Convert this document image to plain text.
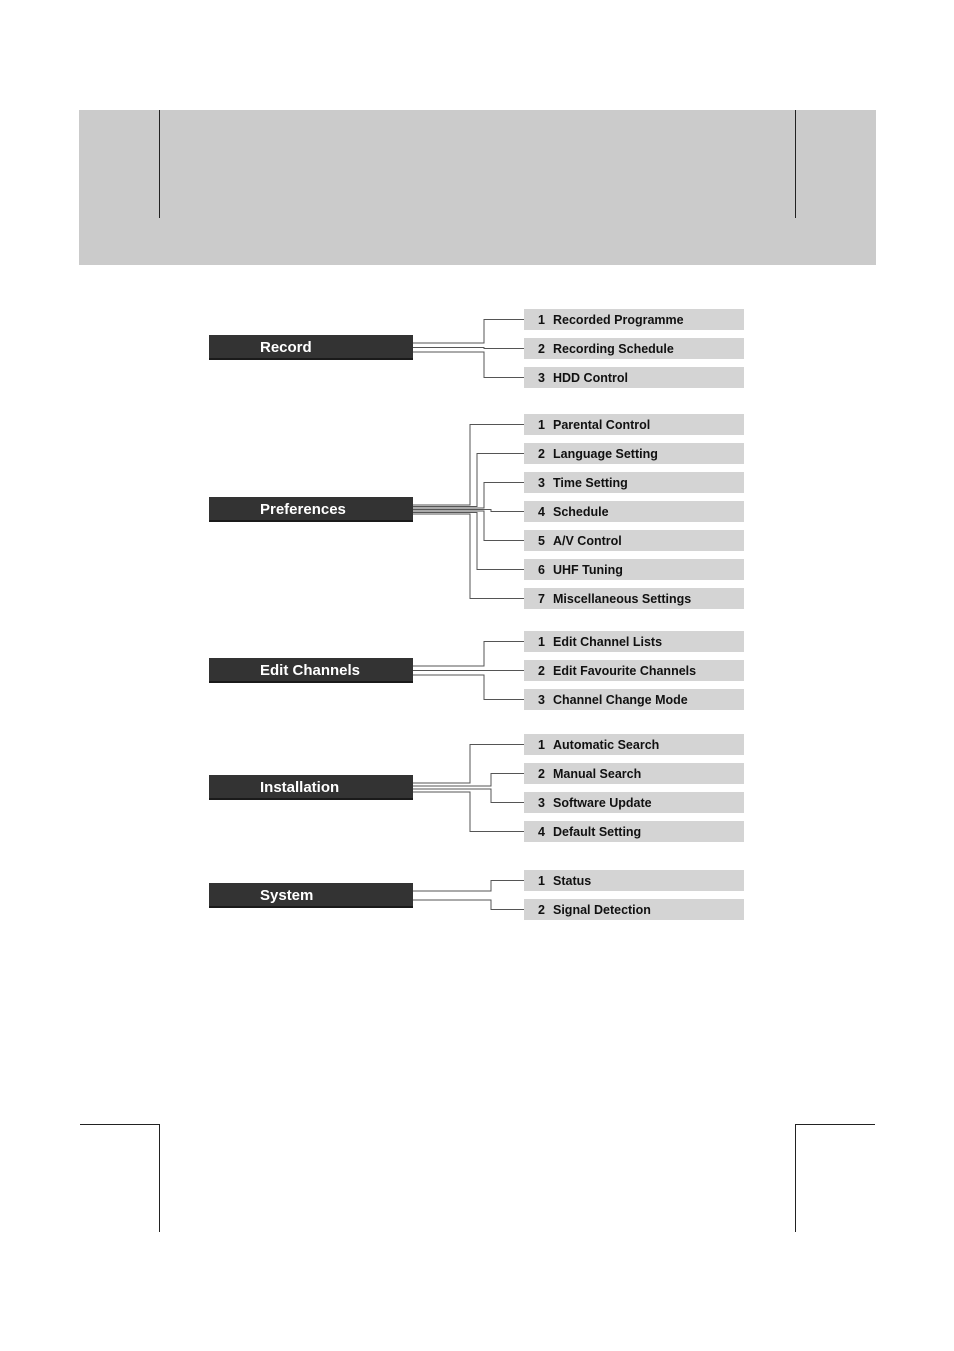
Record
1 Recorded Programme
2 Recording Schedule
3 HDD Control
Preferences
1 Parental Control
2 Language Setting
3 Time Setting
4 Schedule
5 A/V Control
6 UHF Tuning
7 Miscellaneous Settings
Edit Channels
1 Edit Channel Lists
2 Edit Favourite Channels
3 Channel Change Mode
Installation
1 Automatic Search
2 Manual Search
3 Software Update
4 Default Setting
System
1 Status
2 Signal Detection
